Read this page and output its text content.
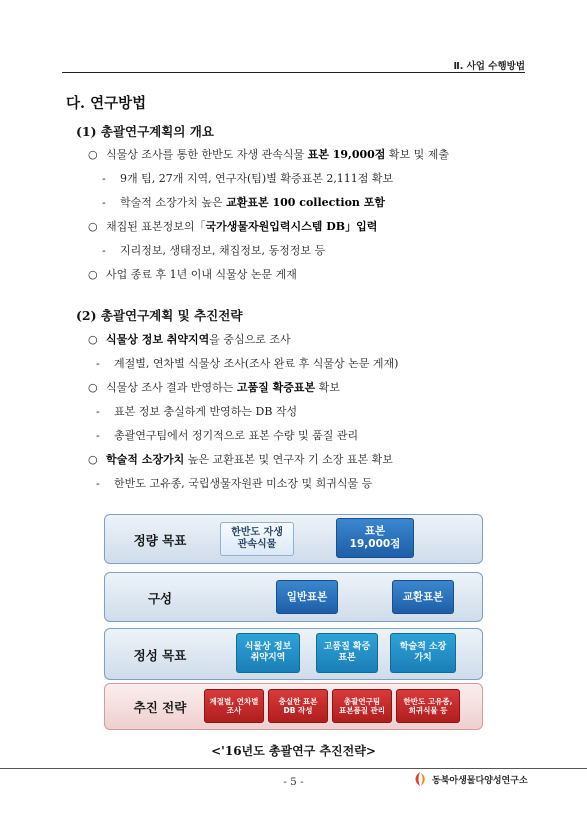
Ⅱ. 사업 수행방법
다. 연구방법
(1) 총괄연구계획의 개요
○ 식물상 조사를 통한 한반도 자생 관속식물 표본 19,000점 확보 및 제출
- 9개 팀, 27개 지역, 연구자(팀)별 확증표본 2,111점 확보
- 학술적 소장가치 높은 교환표본 100 collection 포함
○ 채집된 표본정보의「국가생물자원입력시스템 DB」입력
- 지리정보, 생태정보, 채집정보, 동정정보 등
○ 사업 종료 후 1년 이내 식물상 논문 게재
(2) 총괄연구계획 및 추진전략
○ 식물상 정보 취약지역을 중심으로 조사
- 계절별, 연차별 식물상 조사(조사 완료 후 식물상 논문 게재)
○ 식물상 조사 결과 반영하는 고품질 확증표본 확보
- 표본 정보 충실하게 반영하는 DB 작성
- 총괄연구팀에서 정기적으로 표본 수량 및 품질 관리
○ 학술적 소장가치 높은 교환표본 및 연구자 기 소장 표본 확보
- 한반도 고유종, 국립생물자원관 미소장 및 희귀식물 등
정량 목표
구성
정성 목표
추진 전략
한반도 자생
관속식물
표본
19,000점
일반표본	교환표본
식물상 정보
취약지역
고품질 확증
표본
학술적 소장
가치
계절별, 연차별
조사
충실한 표본
DB 작성
총괄연구팀
표본품질 관리
한반도 고유종,
희귀식물 등
<'16년도 총괄연구 추진전략>
- 5 -	동북아생물다양성연구소
